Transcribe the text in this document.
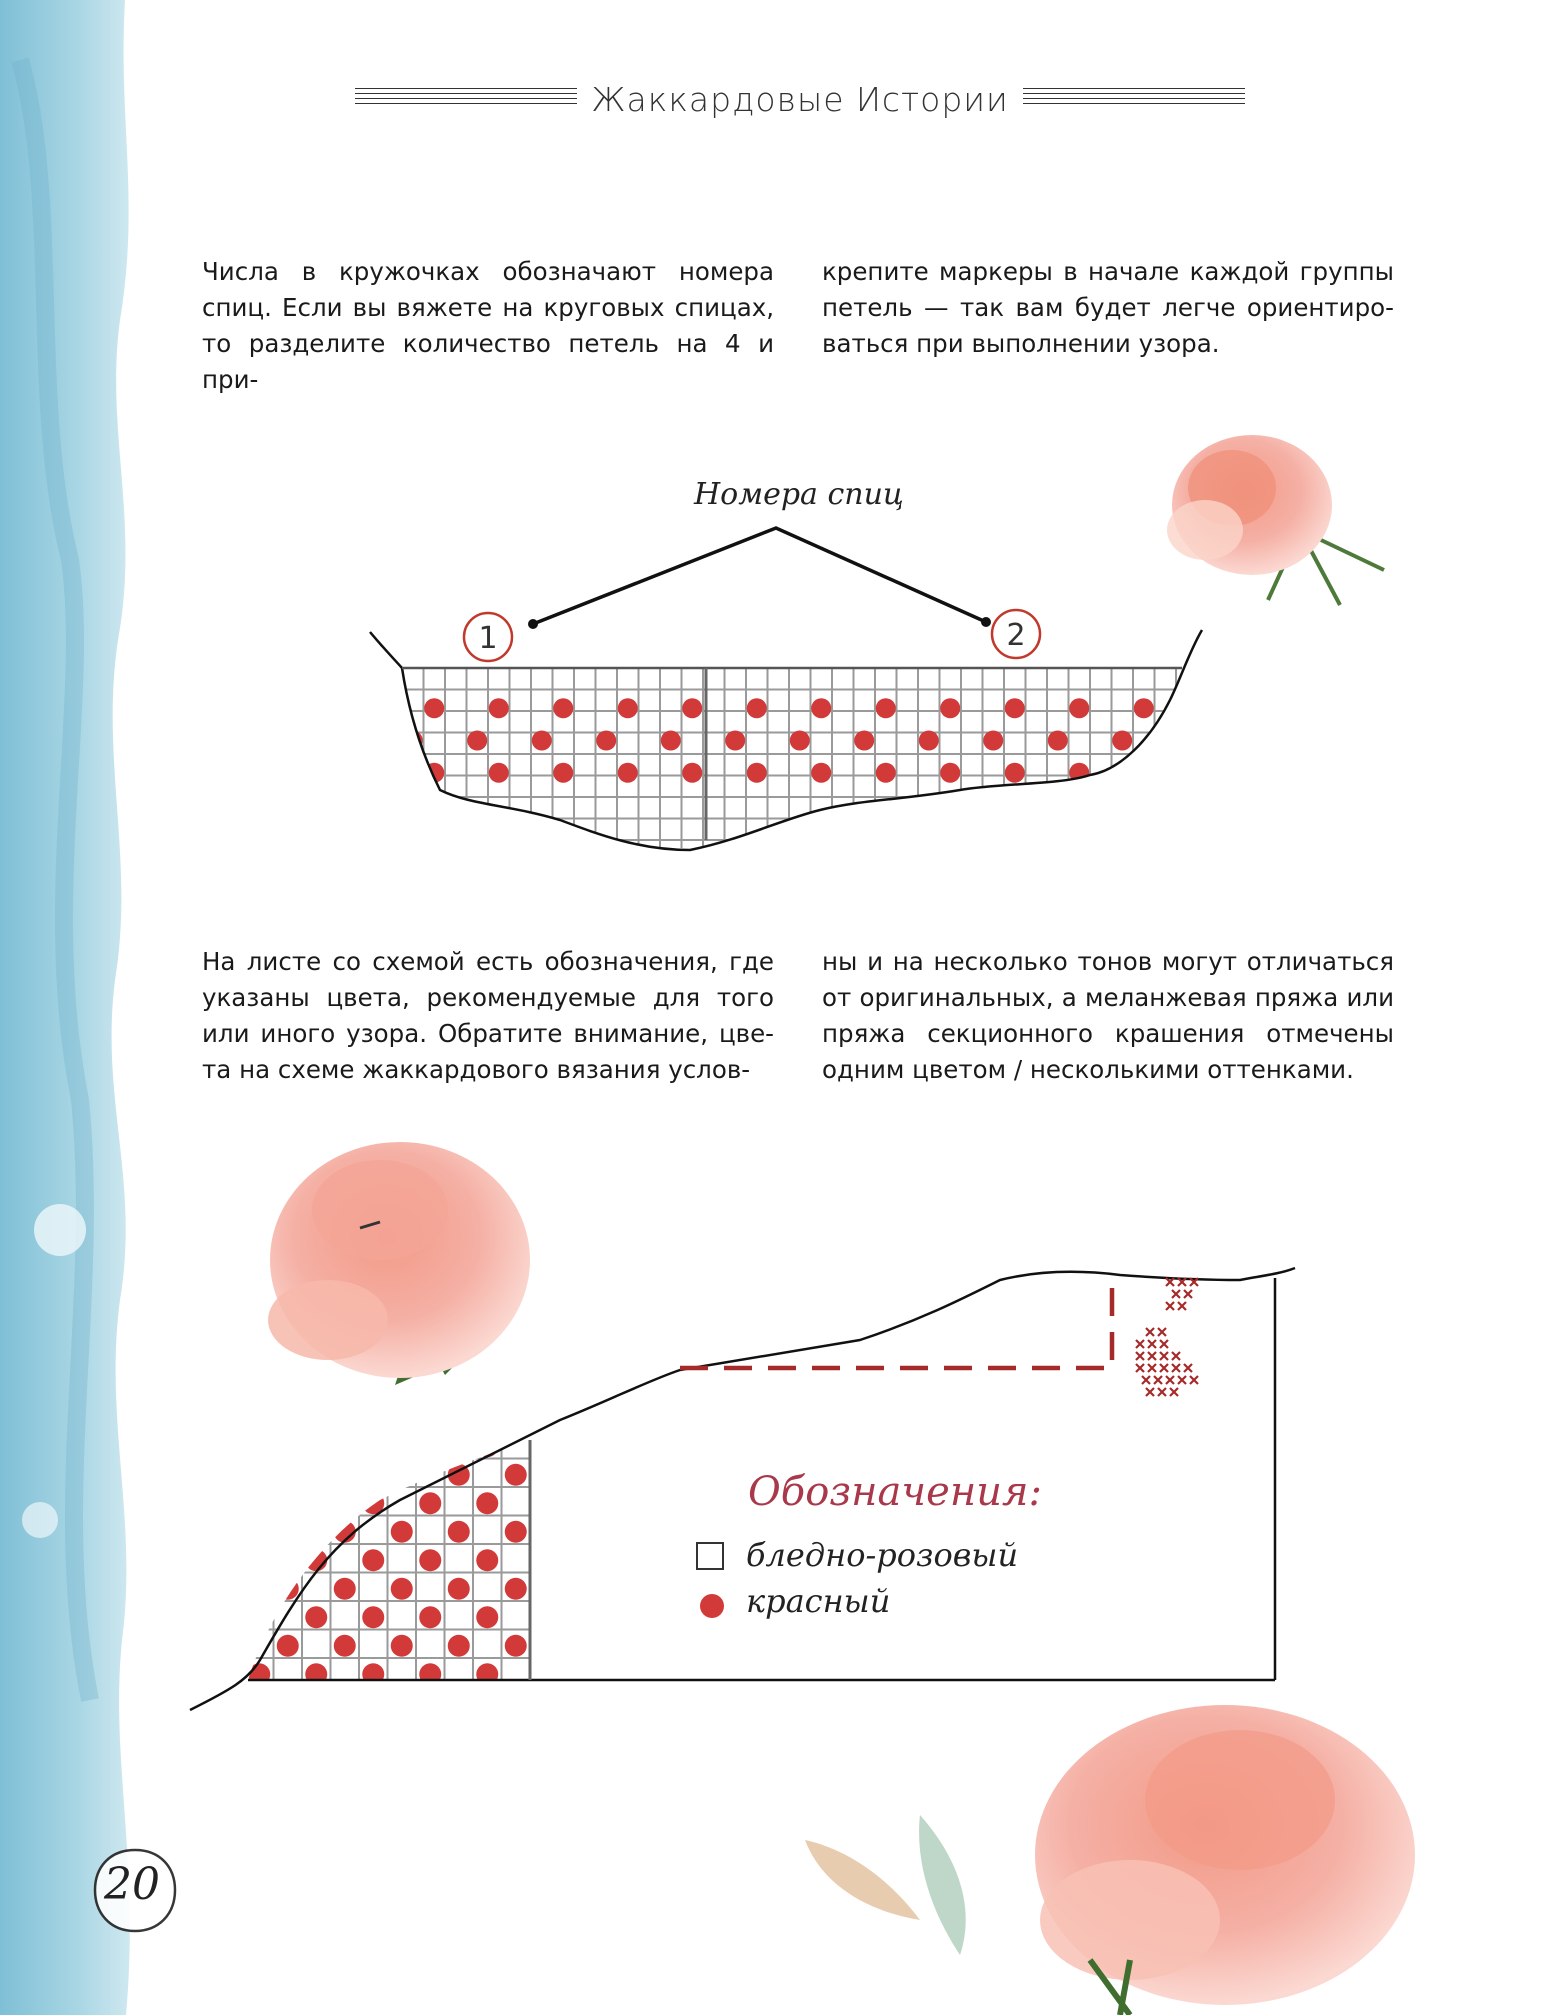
Жаккардовые Истории
Числа в кружочках обозначают номера спиц. Если вы вяжете на круговых спицах, то разделите количество петель на 4 и при-
крепите маркеры в начале каждой группы петель — так вам будет легче ориентиро-ваться при выполнении узора.
На листе со схемой есть обозначения, где указаны цвета, рекомендуемые для того или иного узора. Обратите внимание, цве-та на схеме жаккардового вязания услов-
ны и на несколько тонов могут отличаться от оригинальных, а меланжевая пряжа или пряжа секционного крашения отмечены одним цветом / несколькими оттенками.
Номера спиц
1	2
Обозначения:
бледно-розовый
красный
20
